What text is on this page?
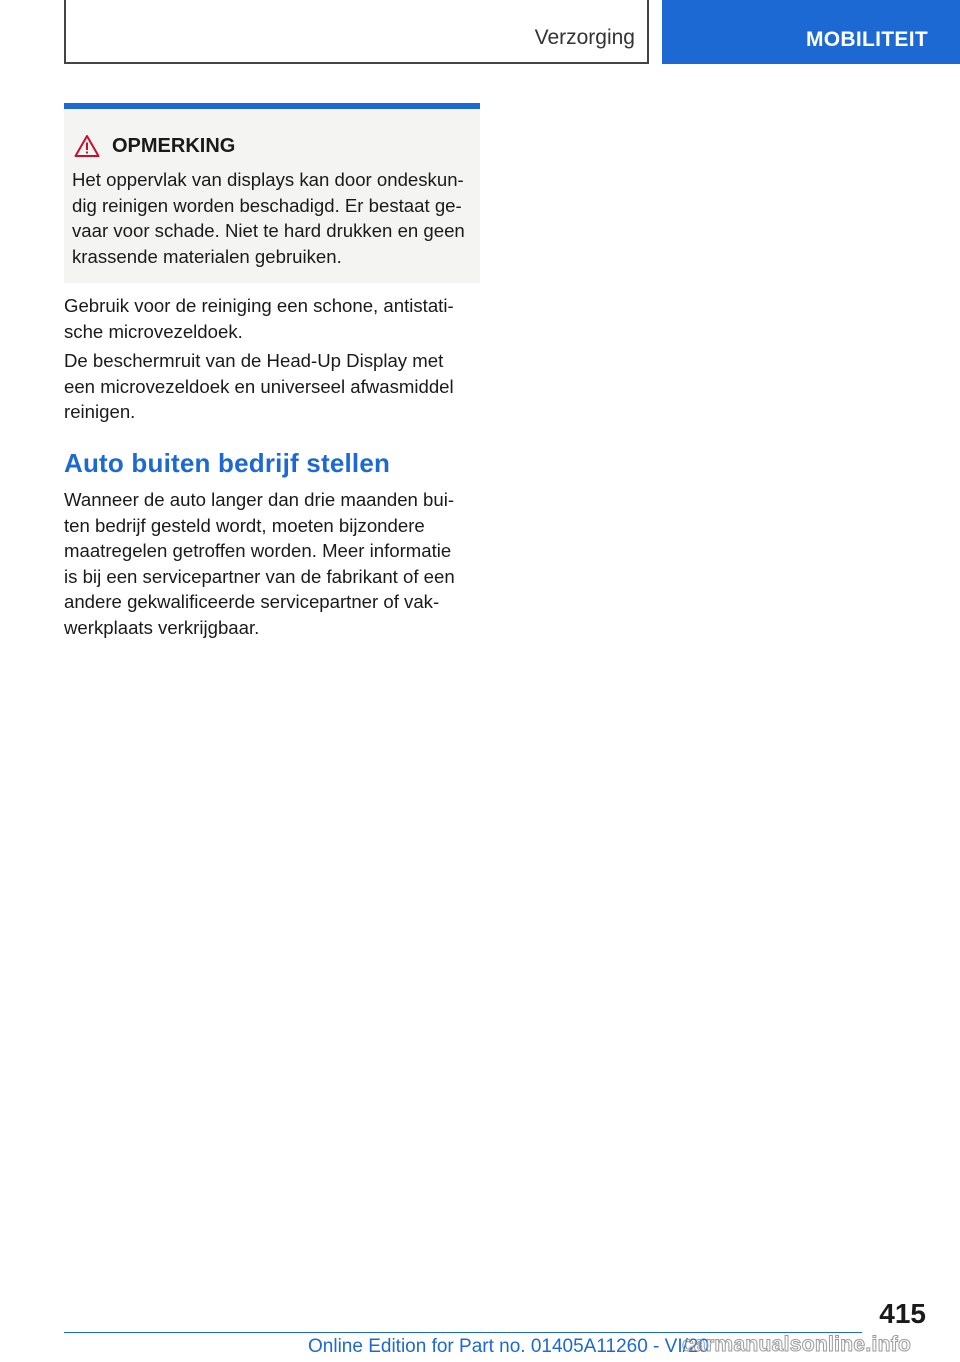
Verzorging	MOBILITEIT
OPMERKING
Het oppervlak van displays kan door ondeskun-
dig reinigen worden beschadigd. Er bestaat ge-
vaar voor schade. Niet te hard drukken en geen
krassende materialen gebruiken.

Gebruik voor de reiniging een schone, antistati-
sche microvezeldoek.

De beschermruit van de Head-Up Display met
een microvezeldoek en universeel afwasmiddel
reinigen.

Auto buiten bedrijf stellen

Wanneer de auto langer dan drie maanden bui-
ten bedrijf gesteld wordt, moeten bijzondere
maatregelen getroffen worden. Meer informatie
is bij een servicepartner van de fabrikant of een
andere gekwalificeerde servicepartner of vak-
werkplaats verkrijgbaar.

415
Online Edition for Part no. 01405A11260 - VI/20
carmanualsonline.info
